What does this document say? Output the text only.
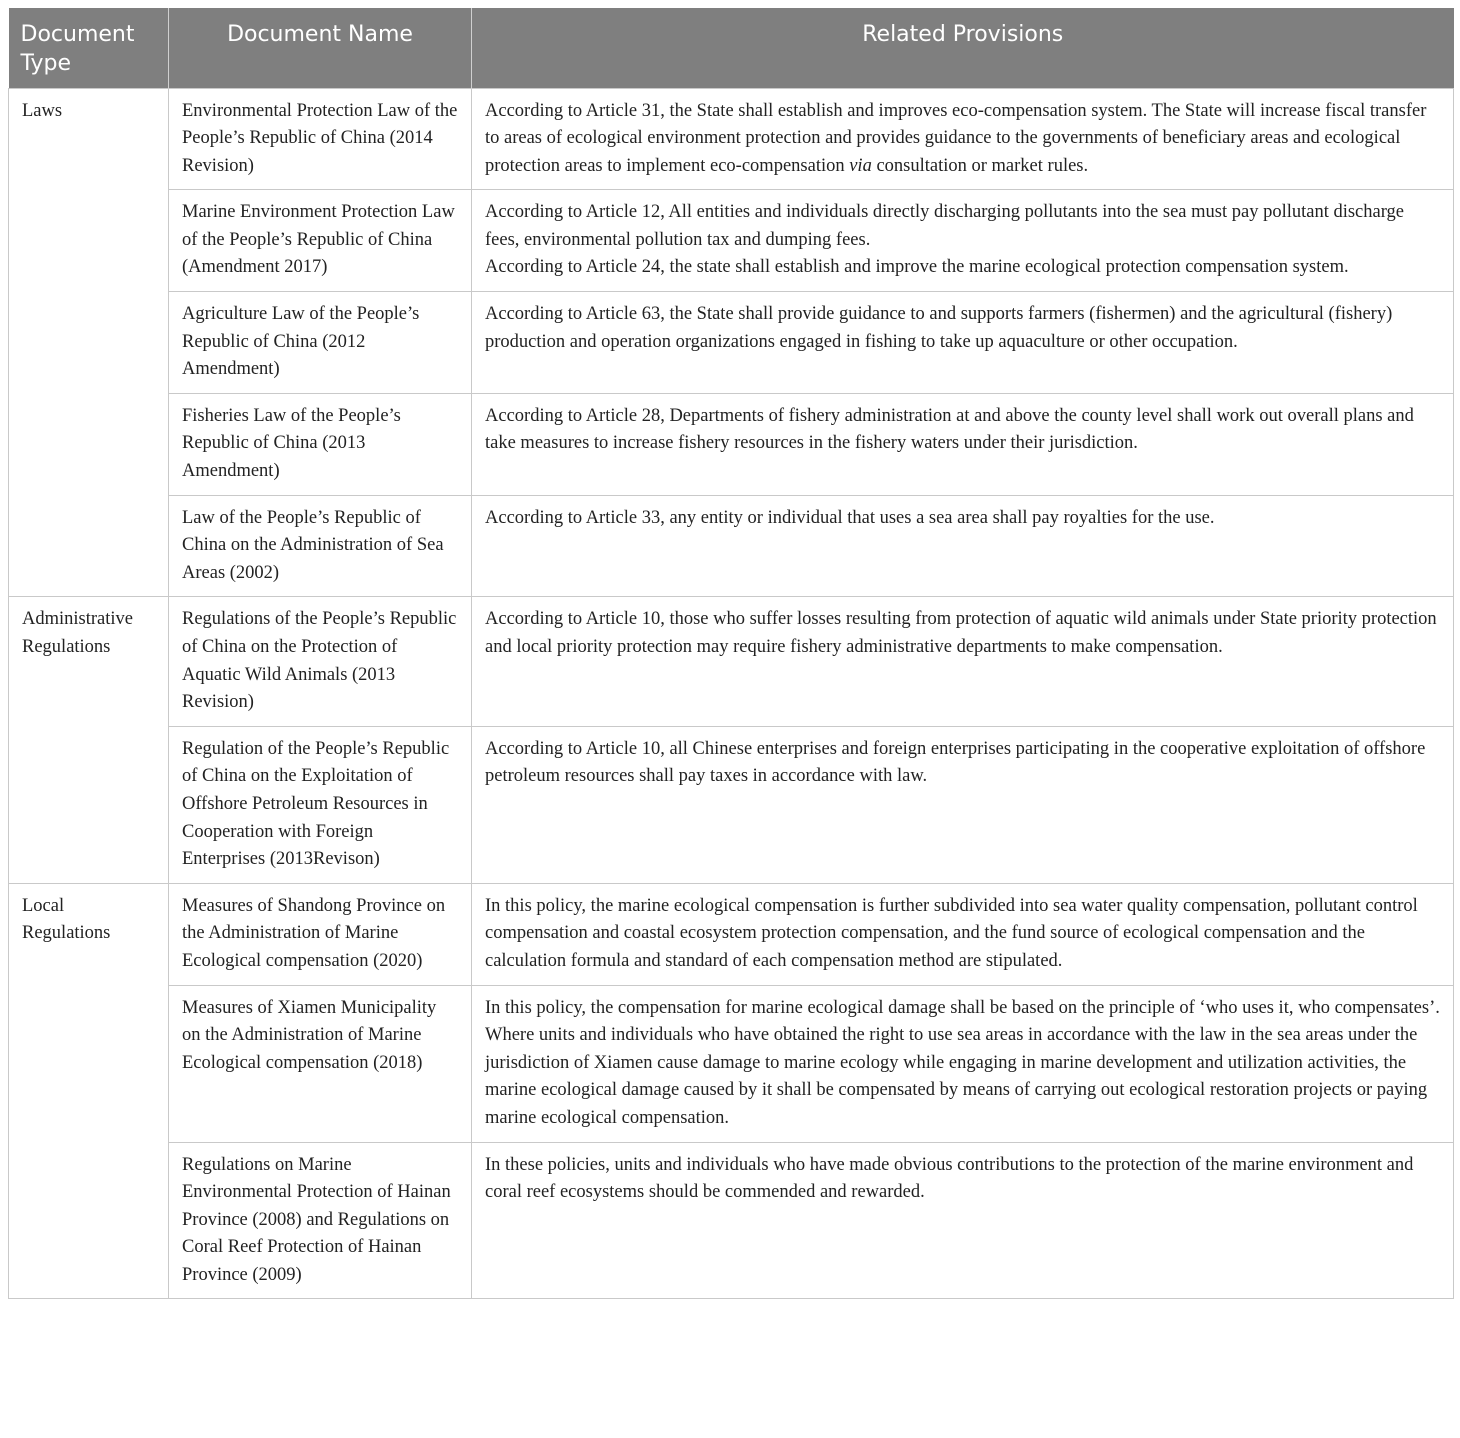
Document Type	Document Name	Related Provisions
Laws	Environmental Protection Law of the People’s Republic of China (2014 Revision)	According to Article 31, the State shall establish and improves eco-compensation system. The State will increase fiscal transfer to areas of ecological environment protection and provides guidance to the governments of beneficiary areas and ecological protection areas to implement eco-compensation via consultation or market rules.
	Marine Environment Protection Law of the People’s Republic of China (Amendment 2017)	According to Article 12, All entities and individuals directly discharging pollutants into the sea must pay pollutant discharge fees, environmental pollution tax and dumping fees.
According to Article 24, the state shall establish and improve the marine ecological protection compensation system.

	Agriculture Law of the People’s Republic of China (2012 Amendment)	According to Article 63, the State shall provide guidance to and supports farmers (fishermen) and the agricultural (fishery) production and operation organizations engaged in fishing to take up aquaculture or other occupation.
	Fisheries Law of the People’s Republic of China (2013 Amendment)	According to Article 28, Departments of fishery administration at and above the county level shall work out overall plans and take measures to increase fishery resources in the fishery waters under their jurisdiction.
	Law of the People’s Republic of China on the Administration of Sea Areas (2002)	According to Article 33, any entity or individual that uses a sea area shall pay royalties for the use.
Administrative Regulations	Regulations of the People’s Republic of China on the Protection of Aquatic Wild Animals (2013 Revision)	According to Article 10, those who suffer losses resulting from protection of aquatic wild animals under State priority protection and local priority protection may require fishery administrative departments to make compensation.
	Regulation of the People’s Republic of China on the Exploitation of Offshore Petroleum Resources in Cooperation with Foreign Enterprises (2013Revison)	According to Article 10, all Chinese enterprises and foreign enterprises participating in the cooperative exploitation of offshore petroleum resources shall pay taxes in accordance with law.
Local Regulations	Measures of Shandong Province on the Administration of Marine Ecological compensation (2020)	In this policy, the marine ecological compensation is further subdivided into sea water quality compensation, pollutant control compensation and coastal ecosystem protection compensation, and the fund source of ecological compensation and the calculation formula and standard of each compensation method are stipulated.
	Measures of Xiamen Municipality on the Administration of Marine Ecological compensation (2018)	In this policy, the compensation for marine ecological damage shall be based on the principle of ‘who uses it, who compensates’. Where units and individuals who have obtained the right to use sea areas in accordance with the law in the sea areas under the jurisdiction of Xiamen cause damage to marine ecology while engaging in marine development and utilization activities, the marine ecological damage caused by it shall be compensated by means of carrying out ecological restoration projects or paying marine ecological compensation.
	Regulations on Marine Environmental Protection of Hainan Province (2008) and Regulations on Coral Reef Protection of Hainan Province (2009)	In these policies, units and individuals who have made obvious contributions to the protection of the marine environment and coral reef ecosystems should be commended and rewarded.
